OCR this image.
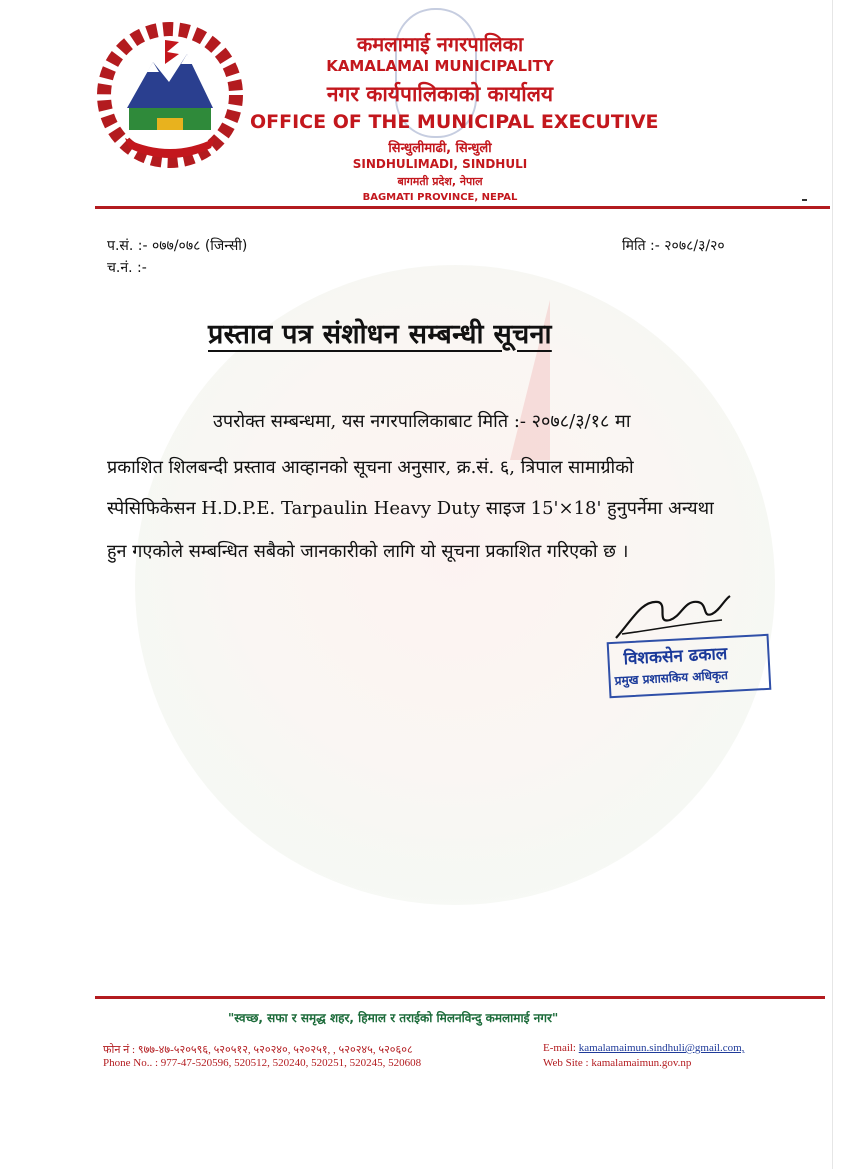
कमलामाई नगरपालिका
KAMALAMAI MUNICIPALITY
नगर कार्यपालिकाको कार्यालय
OFFICE OF THE MUNICIPAL EXECUTIVE
सिन्धुलीमाढी, सिन्धुली
SINDHULIMADI, SINDHULI
बागमती प्रदेश, नेपाल
BAGMATI PROVINCE, NEPAL
प.सं. :- ०७७/०७८ (जिन्सी)
च.नं. :-
मिति :- २०७८/३/२०
प्रस्ताव पत्र संशोधन सम्बन्धी सूचना
उपरोक्त सम्बन्धमा, यस नगरपालिकाबाट मिति :- २०७८/३/१८ मा
प्रकाशित शिलबन्दी प्रस्ताव आव्हानको सूचना अनुसार, क्र.सं. ६, त्रिपाल सामाग्रीको
स्पेसिफिकेसन H.D.P.E. Tarpaulin Heavy Duty साइज 15'×18' हुनुपर्नेमा अन्यथा
हुन गएकोले सम्बन्धित सबैको जानकारीको लागि यो सूचना प्रकाशित गरिएको छ ।
विशकसेन ढकाल
प्रमुख प्रशासकिय अधिकृत
"स्वच्छ, सफा र समृद्ध शहर, हिमाल र तराईको मिलनविन्दु कमलामाई नगर"
फोन नं : ९७७-४७-५२०५९६, ५२०५१२, ५२०२४०, ५२०२५१, , ५२०२४५, ५२०६०८
Phone No.. : 977-47-520596, 520512, 520240, 520251, 520245, 520608
E-mail: kamalamaimun.sindhuli@gmail.com,
Web Site : kamalamaimun.gov.np
